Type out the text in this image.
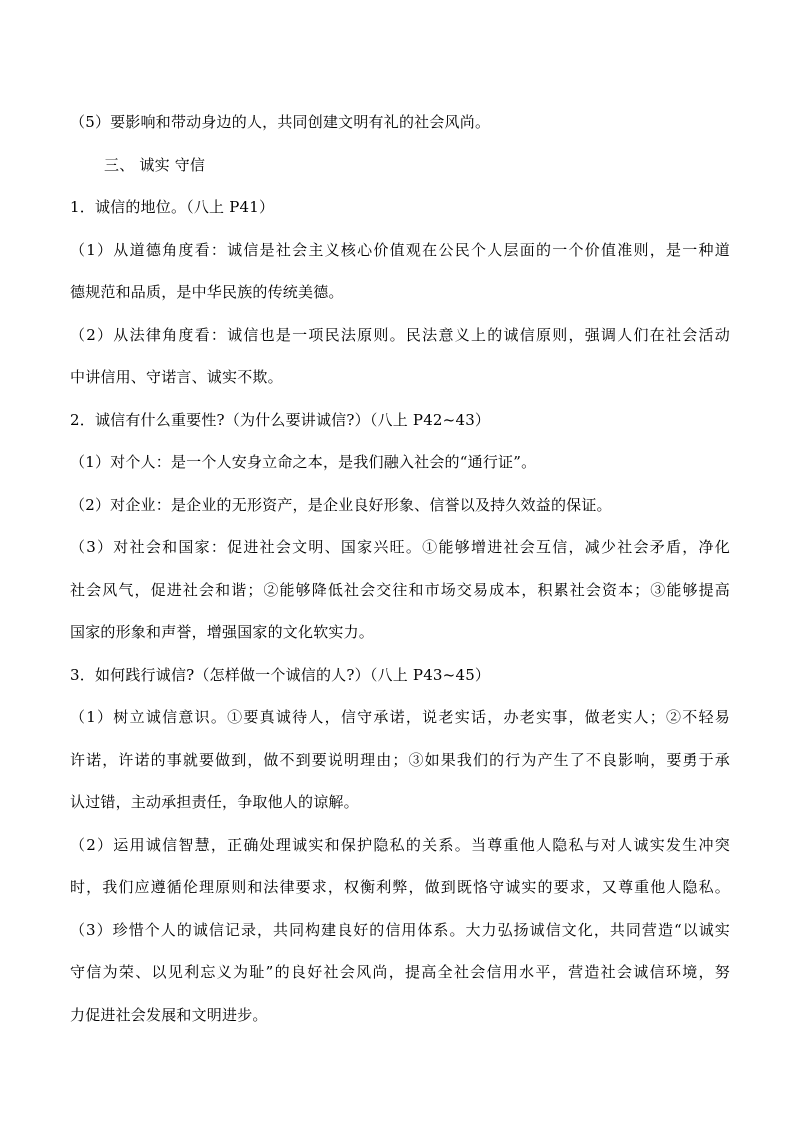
（5）要影响和带动身边的人，共同创建文明有礼的社会风尚。
三、 诚实 守信
1．诚信的地位。（八上 P41）
（1）从道德角度看：诚信是社会主义核心价值观在公民个人层面的一个价值准则，是一种道
德规范和品质，是中华民族的传统美德。
（2）从法律角度看：诚信也是一项民法原则。民法意义上的诚信原则，强调人们在社会活动
中讲信用、守诺言、诚实不欺。
2．诚信有什么重要性?（为什么要讲诚信?）（八上 P42~43）
（1）对个人：是一个人安身立命之本，是我们融入社会的“通行证”。
（2）对企业：是企业的无形资产，是企业良好形象、信誉以及持久效益的保证。
（3）对社会和国家：促进社会文明、国家兴旺。①能够增进社会互信，减少社会矛盾，净化
社会风气，促进社会和谐；②能够降低社会交往和市场交易成本，积累社会资本；③能够提高
国家的形象和声誉，增强国家的文化软实力。
3．如何践行诚信?（怎样做一个诚信的人?）（八上 P43~45）
（1）树立诚信意识。①要真诚待人，信守承诺，说老实话，办老实事，做老实人；②不轻易
许诺，许诺的事就要做到，做不到要说明理由；③如果我们的行为产生了不良影响，要勇于承
认过错，主动承担责任，争取他人的谅解。
（2）运用诚信智慧，正确处理诚实和保护隐私的关系。当尊重他人隐私与对人诚实发生冲突
时，我们应遵循伦理原则和法律要求，权衡利弊，做到既恪守诚实的要求，又尊重他人隐私。
（3）珍惜个人的诚信记录，共同构建良好的信用体系。大力弘扬诚信文化，共同营造“以诚实
守信为荣、以见利忘义为耻”的良好社会风尚，提高全社会信用水平，营造社会诚信环境，努
力促进社会发展和文明进步。
